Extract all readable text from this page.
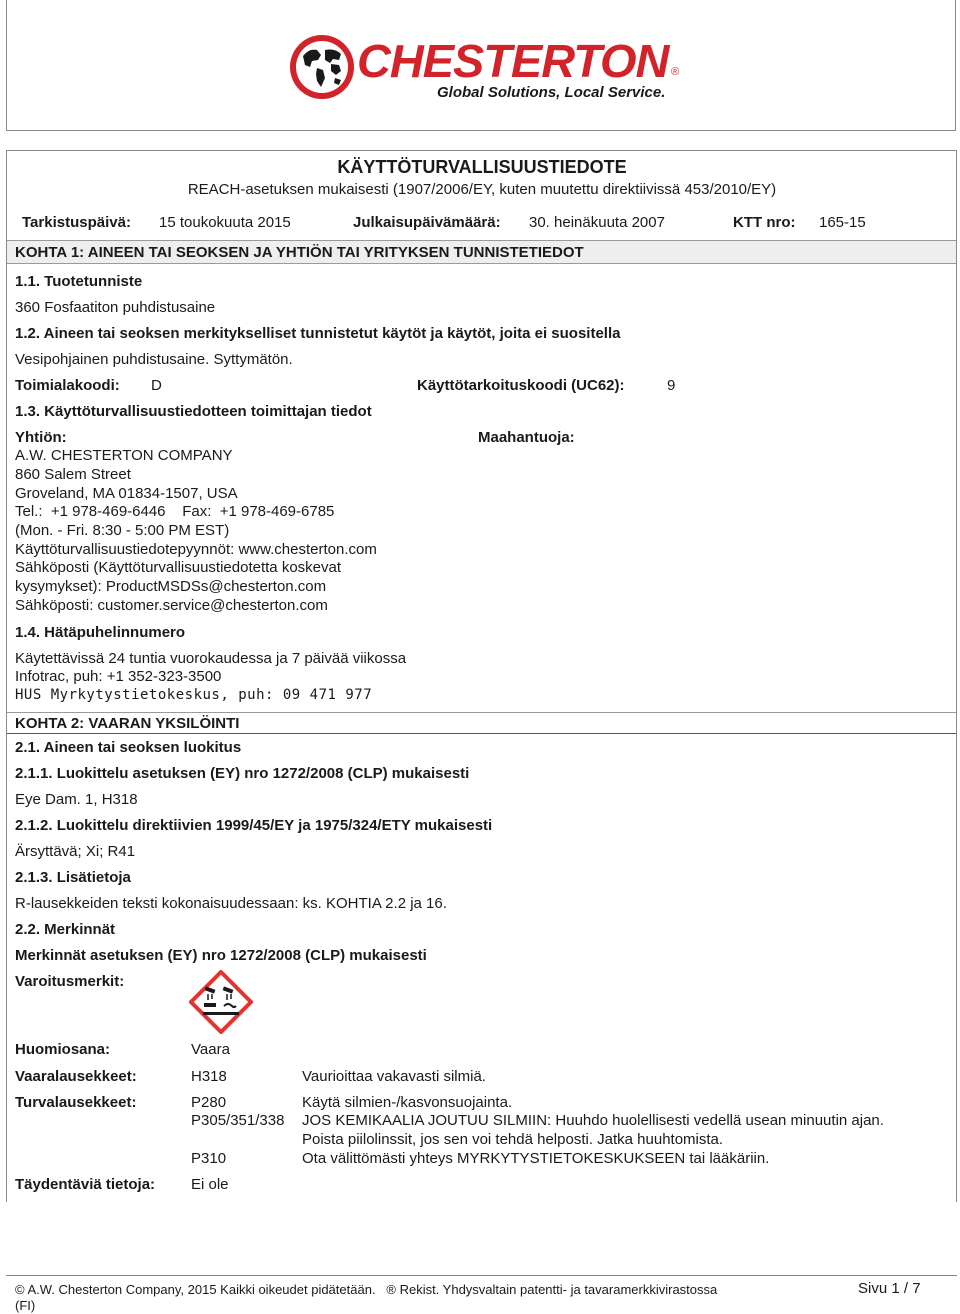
CHESTERTON ®
Global Solutions, Local Service.
KÄYTTÖTURVALLISUUSTIEDOTE
REACH-asetuksen mukaisesti (1907/2006/EY, kuten muutettu direktiivissä 453/2010/EY)
Tarkistuspäivä: 15 toukokuuta 2015	Julkaisupäivämäärä: 30. heinäkuuta 2007	KTT nro: 165-15
KOHTA 1: AINEEN TAI SEOKSEN JA YHTIÖN TAI YRITYKSEN TUNNISTETIEDOT
1.1. Tuotetunniste
360 Fosfaatiton puhdistusaine
1.2. Aineen tai seoksen merkitykselliset tunnistetut käytöt ja käytöt, joita ei suositella
Vesipohjainen puhdistusaine. Syttymätön.
Toimialakoodi: D	Käyttötarkoituskoodi (UC62):	9
1.3. Käyttöturvallisuustiedotteen toimittajan tiedot
Yhtiön:	Maahantuoja:
A.W. CHESTERTON COMPANY
860 Salem Street
Groveland, MA 01834-1507, USA
Tel.:  +1 978-469-6446    Fax:  +1 978-469-6785
(Mon. - Fri. 8:30 - 5:00 PM EST)
Käyttöturvallisuustiedotepyynnöt: www.chesterton.com
Sähköposti (Käyttöturvallisuustiedotetta koskevat
kysymykset): ProductMSDSs@chesterton.com
Sähköposti: customer.service@chesterton.com
1.4. Hätäpuhelinnumero
Käytettävissä 24 tuntia vuorokaudessa ja 7 päivää viikossa
Infotrac, puh: +1 352-323-3500
HUS Myrkytystietokeskus, puh: 09 471 977
KOHTA 2: VAARAN YKSILÖINTI
2.1. Aineen tai seoksen luokitus
2.1.1. Luokittelu asetuksen (EY) nro 1272/2008 (CLP) mukaisesti
Eye Dam. 1, H318
2.1.2. Luokittelu direktiivien 1999/45/EY ja 1975/324/ETY mukaisesti
Ärsyttävä; Xi; R41
2.1.3. Lisätietoja
R-lausekkeiden teksti kokonaisuudessaan: ks. KOHTIA 2.2 ja 16.
2.2. Merkinnät
Merkinnät asetuksen (EY) nro 1272/2008 (CLP) mukaisesti
Varoitusmerkit:
Huomiosana:	Vaara
Vaaralausekkeet:	H318	Vaurioittaa vakavasti silmiä.
Turvalausekkeet:	P280	Käytä silmien-/kasvonsuojainta.
P305/351/338 JOS KEMIKAALIA JOUTUU SILMIIN: Huuhdo huolellisesti vedellä usean minuutin ajan.
Poista piilolinssit, jos sen voi tehdä helposti. Jatka huuhtomista.
P310	Ota välittömästi yhteys MYRKYTYSTIETOKESKUKSEEN tai lääkäriin.
Täydentäviä tietoja: Ei ole
© A.W. Chesterton Company, 2015 Kaikki oikeudet pidätetään.   ® Rekist. Yhdysvaltain patentti- ja tavaramerkkivirastossa
(FI)
Sivu 1 / 7
